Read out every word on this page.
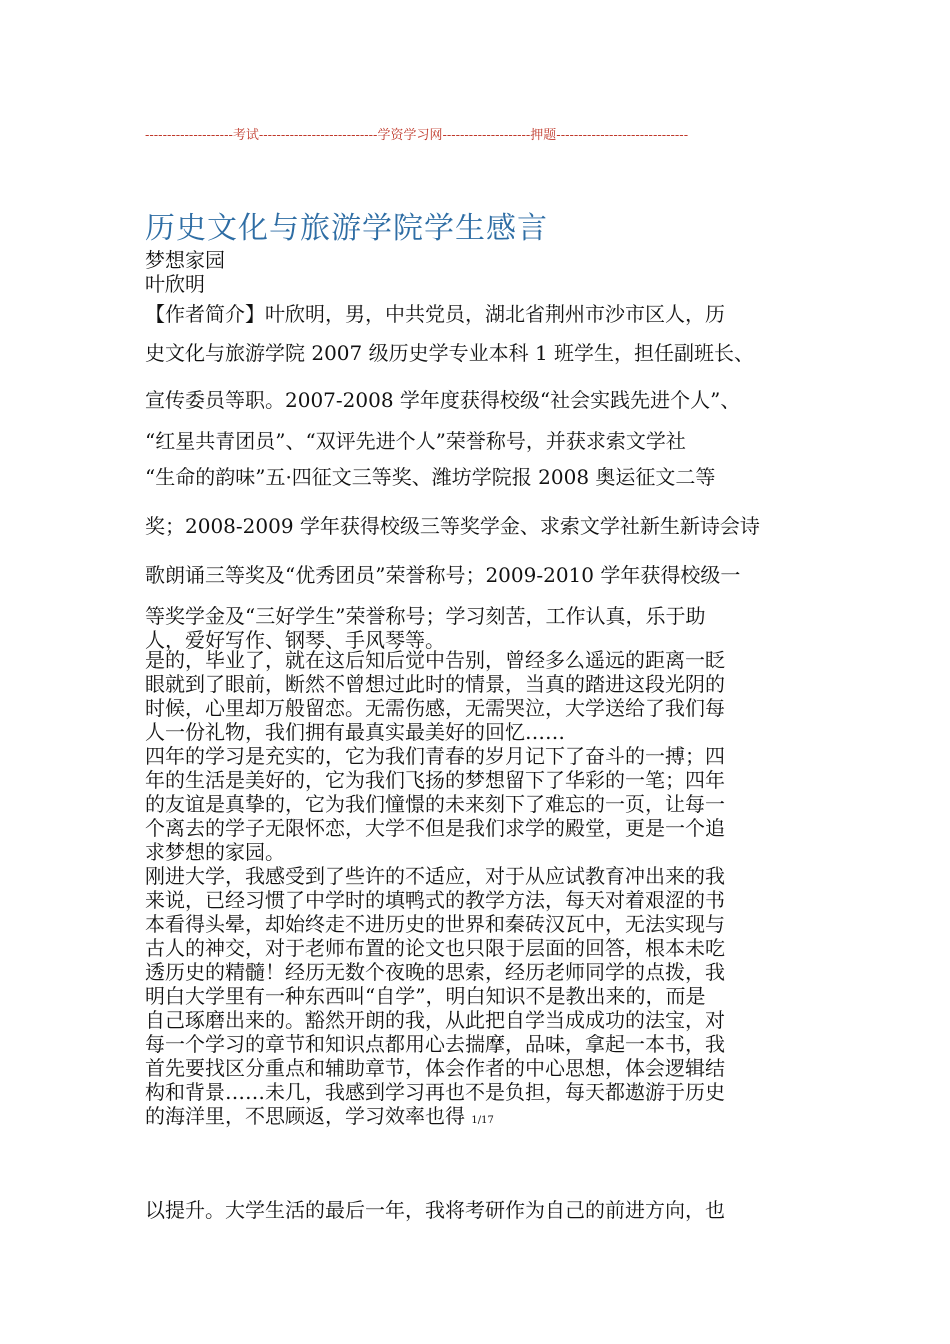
--------------------考试---------------------------学资学习网--------------------押题------------------------------
历史文化与旅游学院学生感言
梦想家园
叶欣明
【作者简介】叶欣明，男，中共党员，湖北省荆州市沙市区人，历
史文化与旅游学院 2007 级历史学专业本科 1 班学生，担任副班长、
宣传委员等职。2007-2008 学年度获得校级“社会实践先进个人”、
“红星共青团员”、“双评先进个人”荣誉称号，并获求索文学社
“生命的韵味”五·四征文三等奖、潍坊学院报 2008 奥运征文二等
奖；2008-2009 学年获得校级三等奖学金、求索文学社新生新诗会诗
歌朗诵三等奖及“优秀团员”荣誉称号；2009-2010 学年获得校级一
等奖学金及“三好学生”荣誉称号；学习刻苦，工作认真，乐于助
人，爱好写作、钢琴、手风琴等。
是的，毕业了，就在这后知后觉中告别，曾经多么遥远的距离一眨
眼就到了眼前，断然不曾想过此时的情景，当真的踏进这段光阴的
时候，心里却万般留恋。无需伤感，无需哭泣，大学送给了我们每
人一份礼物，我们拥有最真实最美好的回忆……
四年的学习是充实的，它为我们青春的岁月记下了奋斗的一搏；四
年的生活是美好的，它为我们飞扬的梦想留下了华彩的一笔；四年
的友谊是真挚的，它为我们憧憬的未来刻下了难忘的一页，让每一
个离去的学子无限怀恋，大学不但是我们求学的殿堂，更是一个追
求梦想的家园。
刚进大学，我感受到了些许的不适应，对于从应试教育冲出来的我
来说，已经习惯了中学时的填鸭式的教学方法，每天对着艰涩的书
本看得头晕，却始终走不进历史的世界和秦砖汉瓦中，无法实现与
古人的神交，对于老师布置的论文也只限于层面的回答，根本未吃
透历史的精髓！经历无数个夜晚的思索，经历老师同学的点拨，我
明白大学里有一种东西叫“自学”，明白知识不是教出来的，而是
自己琢磨出来的。豁然开朗的我，从此把自学当成成功的法宝，对
每一个学习的章节和知识点都用心去揣摩，品味，拿起一本书，我
首先要找区分重点和辅助章节，体会作者的中心思想，体会逻辑结
构和背景……未几，我感到学习再也不是负担，每天都遨游于历史
的海洋里，不思顾返，学习效率也得 1/17
以提升。大学生活的最后一年，我将考研作为自己的前进方向，也
